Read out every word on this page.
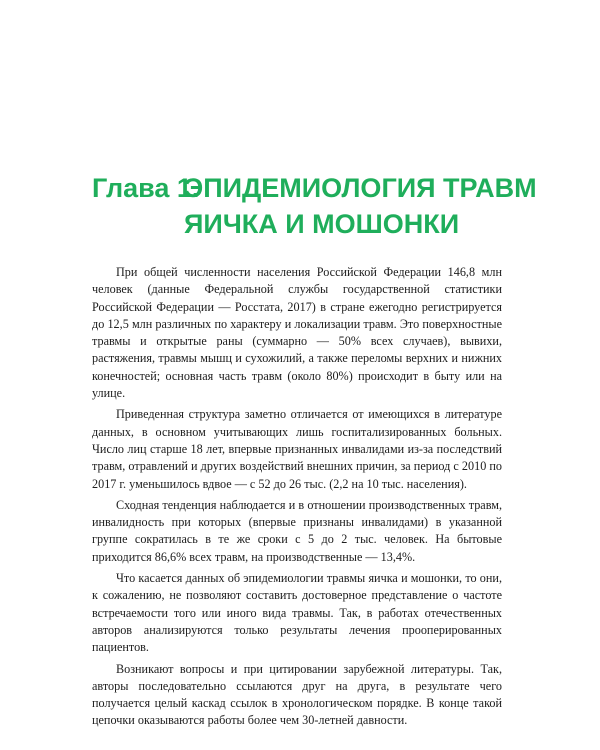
Глава 1.ЭПИДЕМИОЛОГИЯ ТРАВМ
ЯИЧКА И МОШОНКИ

При общей численности населения Российской Федерации 146,8 млн человек (данные Федеральной службы государственной статистики Российской Федерации — Росстата, 2017) в стране ежегодно регистрируется до 12,5 млн различных по характеру и локализации травм. Это поверхностные травмы и открытые раны (суммарно — 50% всех случаев), вывихи, растяжения, травмы мышц и сухожилий, а также переломы верхних и нижних конечностей; основная часть травм (около 80%) происходит в быту или на улице.

Приведенная структура заметно отличается от имеющихся в литературе данных, в основном учитывающих лишь госпитализированных больных. Число лиц старше 18 лет, впервые признанных инвалидами из-за последствий травм, отравлений и других воздействий внешних причин, за период с 2010 по 2017 г. уменьшилось вдвое — с 52 до 26 тыс. (2,2 на 10 тыс. населения).

Сходная тенденция наблюдается и в отношении производственных травм, инвалидность при которых (впервые признаны инвалидами) в указанной группе сократилась в те же сроки с 5 до 2 тыс. человек. На бытовые приходится 86,6% всех травм, на производственные — 13,4%.

Что касается данных об эпидемиологии травмы яичка и мошонки, то они, к сожалению, не позволяют составить достоверное представление о частоте встречаемости того или иного вида травмы. Так, в работах отечественных авторов анализируются только результаты лечения прооперированных пациентов.

Возникают вопросы и при цитировании зарубежной литературы. Так, авторы последовательно ссылаются друг на друга, в результате чего получается целый каскад ссылок в хронологическом порядке. В конце такой цепочки оказываются работы более чем 30-летней давности.
